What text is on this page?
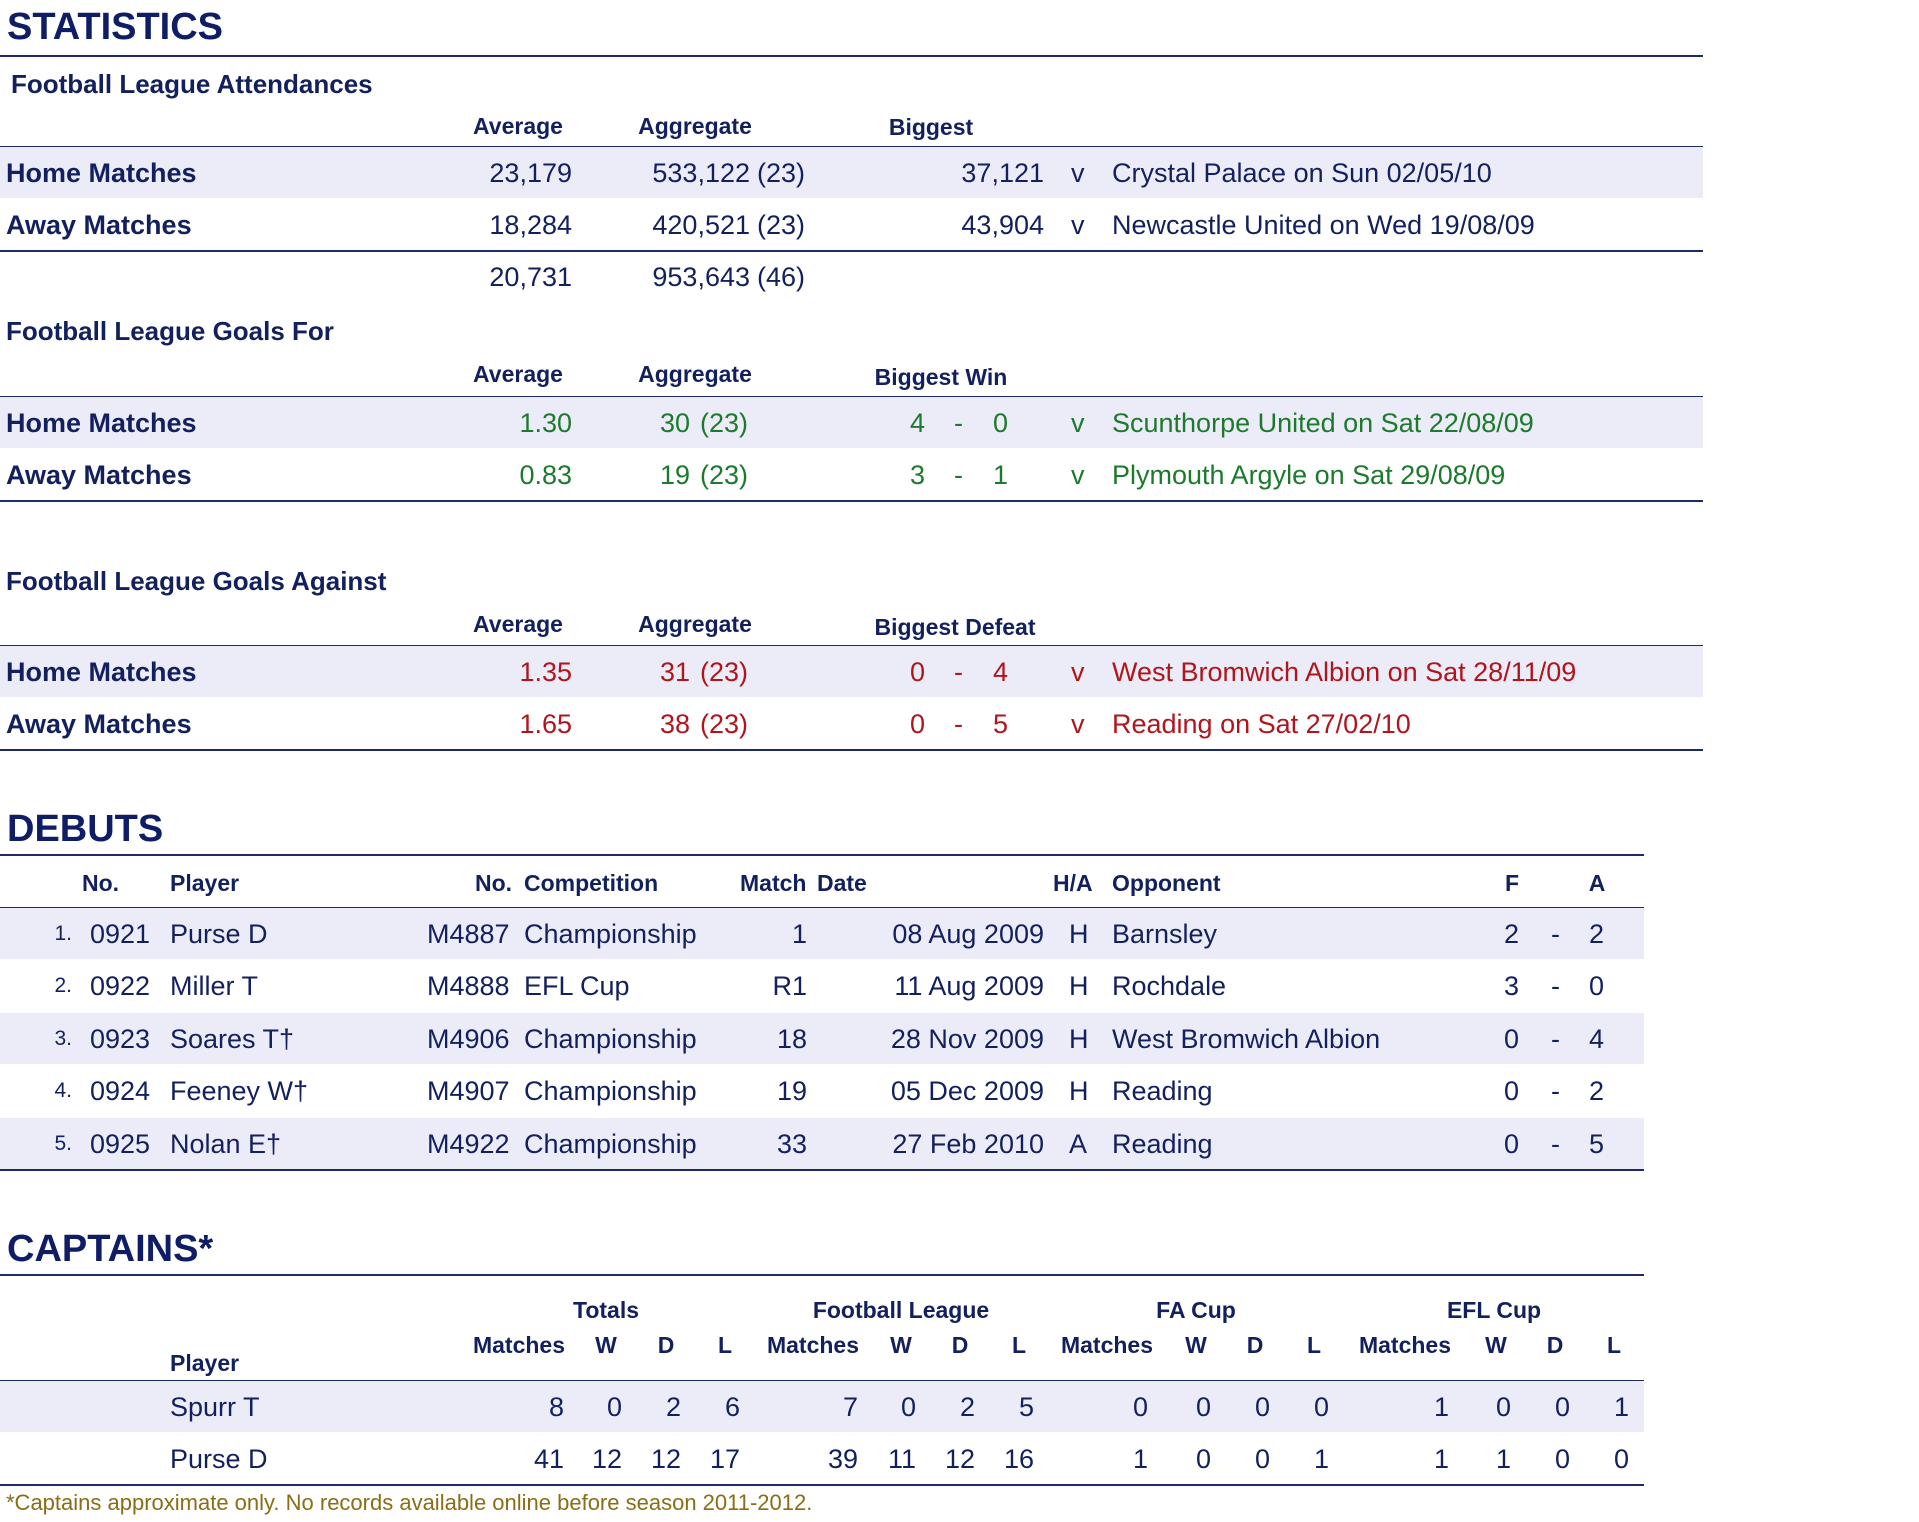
STATISTICS
Football League Attendances
Average	Aggregate	Biggest
Home Matches	23,179	533,122 (23)	37,121 v Crystal Palace on Sun 02/05/10
Away Matches	18,284	420,521 (23)	43,904 v Newcastle United on Wed 19/08/09
20,731	953,643 (46)
Football League Goals For
Average	Aggregate	Biggest Win
Home Matches	1.30	30 (23)	4 - 0 v Scunthorpe United on Sat 22/08/09
Away Matches	0.83	19 (23)	3 - 1 v Plymouth Argyle on Sat 29/08/09
Football League Goals Against
Average	Aggregate	Biggest Defeat
Home Matches	1.35	31 (23)	0 - 4 v West Bromwich Albion on Sat 28/11/09
Away Matches	1.65	38 (23)	0 - 5 v Reading on Sat 27/02/10
DEBUTS
No. Player	No. Competition	Match Date	H/A Opponent	F	A
1. 0921 Purse D	M4887 Championship	1	08 Aug 2009 H Barnsley	2 - 2
2. 0922 Miller T	M4888 EFL Cup	R1	11 Aug 2009 H Rochdale	3 - 0
3. 0923 Soares T†	M4906 Championship	18	28 Nov 2009 H West Bromwich Albion	0 - 4
4. 0924 Feeney W†	M4907 Championship	19	05 Dec 2009 H Reading	0 - 2
5. 0925 Nolan E†	M4922 Championship	33	27 Feb 2010 A Reading	0 - 5
CAPTAINS*
Totals	Football League	FA Cup	EFL Cup
Player
Matches W D L Matches W D L Matches W D L Matches W D L
Spurr T	8	0	2	6	7	0	2	5	0	0	0	0	1	0	0	1
Purse D	41	12	12	17	39	11	12	16	1	0	0	1	1	1	0	0
*Captains approximate only. No records available online before season 2011-2012.
